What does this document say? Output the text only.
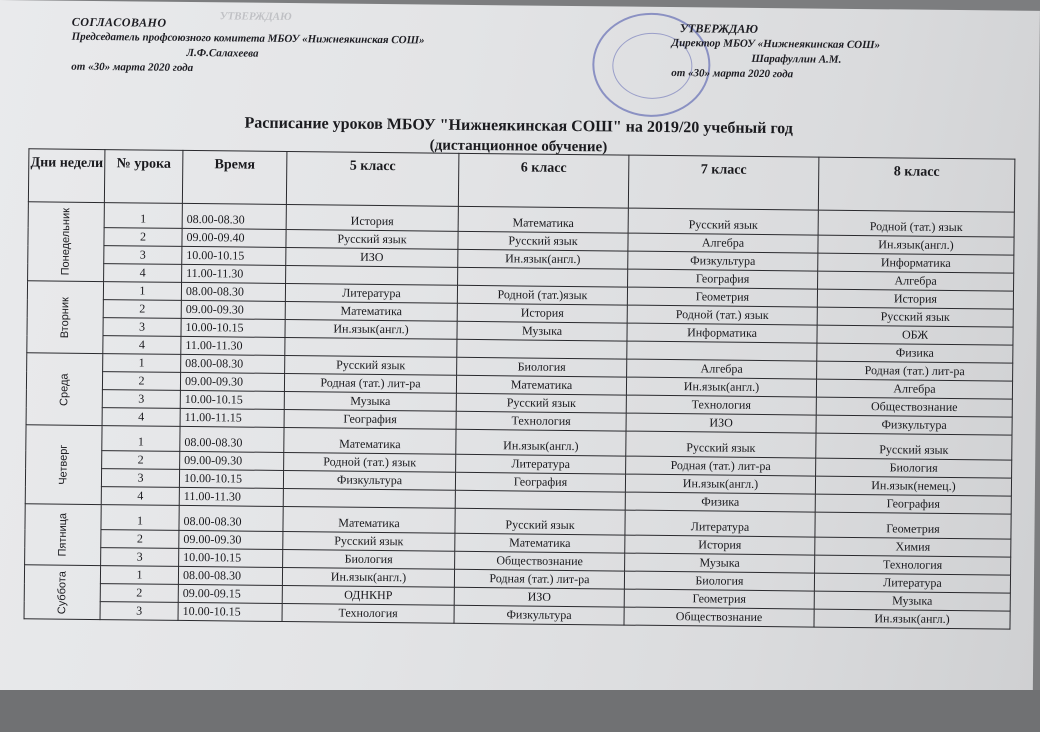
УТВЕРЖДАЮ
СОГЛАСОВАНО
Председатель профсоюзного комитета МБОУ «Нижнеякинская СОШ»
Л.Ф.Салахеева
от «30» марта 2020 года
УТВЕРЖДАЮ
Директор МБОУ «Нижнеякинская СОШ»
Шарафуллин А.М.
от «30» марта 2020 года
Расписание уроков МБОУ "Нижнеякинская СОШ" на 2019/20 учебный год
(дистанционное обучение)
Дни недели	№ урока	Время	5 класс	6 класс	7 класс	8 класс

Понедельник	1	08.00-08.30	История	Математика	Русский язык	Родной (тат.) язык
	2	09.00-09.40	Русский язык	Русский язык	Алгебра	Ин.язык(англ.)
	3	10.00-10.15	ИЗО	Ин.язык(англ.)	Физкультура	Информатика
	4	11.00-11.30			География	Алгебра

Вторник	1	08.00-08.30	Литература	Родной (тат.)язык	Геометрия	История
	2	09.00-09.30	Математика	История	Родной (тат.) язык	Русский язык
	3	10.00-10.15	Ин.язык(англ.)	Музыка	Информатика	ОБЖ
	4	11.00-11.30				Физика

Среда	1	08.00-08.30	Русский язык	Биология	Алгебра	Родная (тат.) лит-ра
	2	09.00-09.30	Родная (тат.) лит-ра	Математика	Ин.язык(англ.)	Алгебра
	3	10.00-10.15	Музыка	Русский язык	Технология	Обществознание
	4	11.00-11.15	География	Технология	ИЗО	Физкультура

Четверг	1	08.00-08.30	Математика	Ин.язык(англ.)	Русский язык	Русский язык
	2	09.00-09.30	Родной (тат.) язык	Литература	Родная (тат.) лит-ра	Биология
	3	10.00-10.15	Физкультура	География	Ин.язык(англ.)	Ин.язык(немец.)
	4	11.00-11.30			Физика	География

Пятница	1	08.00-08.30	Математика	Русский язык	Литература	Геометрия
	2	09.00-09.30	Русский язык	Математика	История	Химия
	3	10.00-10.15	Биология	Обществознание	Музыка	Технология

Суббота	1	08.00-08.30	Ин.язык(англ.)	Родная (тат.) лит-ра	Биология	Литература
	2	09.00-09.15	ОДНКНР	ИЗО	Геометрия	Музыка
	3	10.00-10.15	Технология	Физкультура	Обществознание	Ин.язык(англ.)
